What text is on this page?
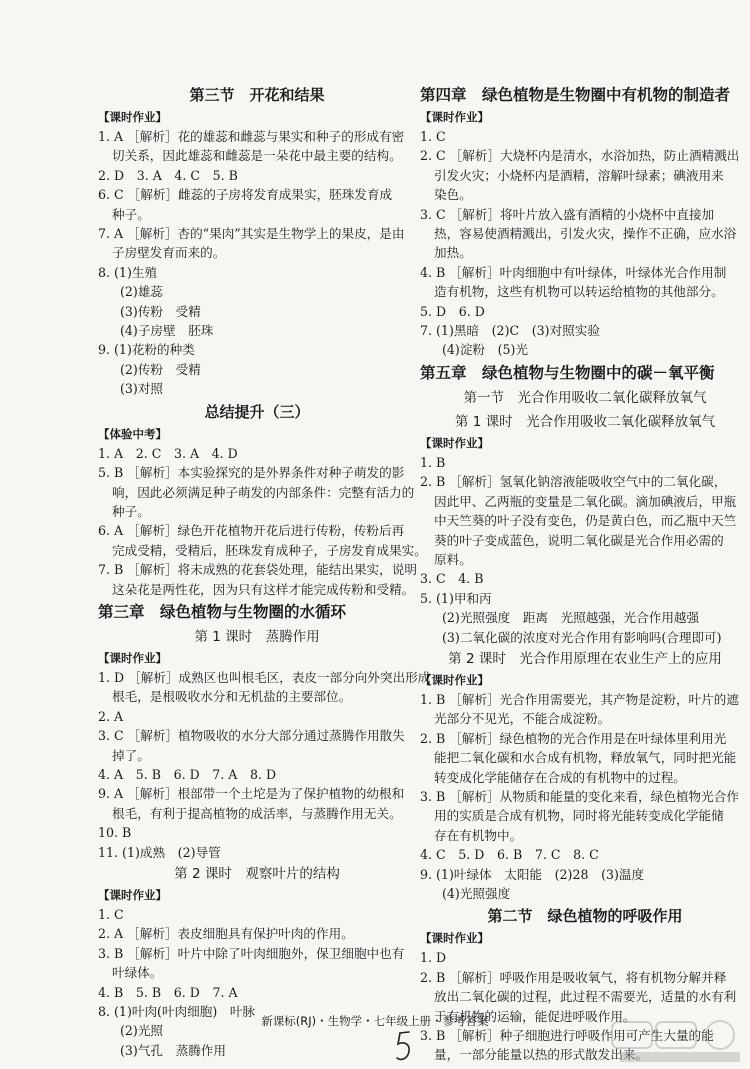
第三节　开花和结果
【课时作业】
1. A ［解析］花的雄蕊和雌蕊与果实和种子的形成有密
切关系，因此雄蕊和雌蕊是一朵花中最主要的结构。
2. D　3. A　4. C　5. B
6. C ［解析］雌蕊的子房将发育成果实，胚珠发育成
种子。
7. A ［解析］杏的“果肉”其实是生物学上的果皮，是由
子房壁发育而来的。
8. (1)生殖
(2)雄蕊
(3)传粉　受精
(4)子房壁　胚珠
9. (1)花粉的种类
(2)传粉　受精
(3)对照
总结提升（三）
【体验中考】
1. A　2. C　3. A　4. D
5. B ［解析］本实验探究的是外界条件对种子萌发的影
响，因此必须满足种子萌发的内部条件：完整有活力的
种子。
6. A ［解析］绿色开花植物开花后进行传粉，传粉后再
完成受精，受精后，胚珠发育成种子，子房发育成果实。
7. B ［解析］将未成熟的花套袋处理，能结出果实，说明
这朵花是两性花，因为只有这样才能完成传粉和受精。
第三章　绿色植物与生物圈的水循环
第 1 课时　蒸腾作用
【课时作业】
1. D ［解析］成熟区也叫根毛区，表皮一部分向外突出形成
根毛，是根吸收水分和无机盐的主要部位。
2. A
3. C ［解析］植物吸收的水分大部分通过蒸腾作用散失
掉了。
4. A　5. B　6. D　7. A　8. D
9. A ［解析］根部带一个土坨是为了保护植物的幼根和
根毛，有利于提高植物的成活率，与蒸腾作用无关。
10. B
11. (1)成熟　(2)导管
第 2 课时　观察叶片的结构
【课时作业】
1. C
2. A ［解析］表皮细胞具有保护叶肉的作用。
3. B ［解析］叶片中除了叶肉细胞外，保卫细胞中也有
叶绿体。
4. B　5. B　6. D　7. A
8. (1)叶肉(叶肉细胞)　叶脉
(2)光照
(3)气孔　蒸腾作用
第四章　绿色植物是生物圈中有机物的制造者
【课时作业】
1. C
2. C ［解析］大烧杯内是清水，水浴加热，防止酒精溅出
引发火灾；小烧杯内是酒精，溶解叶绿素；碘液用来
染色。
3. C ［解析］将叶片放入盛有酒精的小烧杯中直接加
热，容易使酒精溅出，引发火灾，操作不正确，应水浴
加热。
4. B ［解析］叶肉细胞中有叶绿体，叶绿体光合作用制
造有机物，这些有机物可以转运给植物的其他部分。
5. D　6. D
7. (1)黑暗　(2)C　(3)对照实验
(4)淀粉　(5)光
第五章　绿色植物与生物圈中的碳－氧平衡
第一节　光合作用吸收二氧化碳释放氧气
第 1 课时　光合作用吸收二氧化碳释放氧气
【课时作业】
1. B
2. B ［解析］氢氧化钠溶液能吸收空气中的二氧化碳，
因此甲、乙两瓶的变量是二氧化碳。滴加碘液后，甲瓶
中天竺葵的叶子没有变色，仍是黄白色，而乙瓶中天竺
葵的叶子变成蓝色，说明二氧化碳是光合作用必需的
原料。
3. C　4. B
5. (1)甲和丙
(2)光照强度　距离　光照越强，光合作用越强
(3)二氧化碳的浓度对光合作用有影响吗(合理即可)
第 2 课时　光合作用原理在农业生产上的应用
【课时作业】
1. B ［解析］光合作用需要光，其产物是淀粉，叶片的遮
光部分不见光，不能合成淀粉。
2. B ［解析］绿色植物的光合作用是在叶绿体里利用光
能把二氧化碳和水合成有机物，释放氧气，同时把光能
转变成化学能储存在合成的有机物中的过程。
3. B ［解析］从物质和能量的变化来看，绿色植物光合作
用的实质是合成有机物，同时将光能转变成化学能储
存在有机物中。
4. C　5. D　6. B　7. C　8. C
9. (1)叶绿体　太阳能　(2)28　(3)温度
(4)光照强度
第二节　绿色植物的呼吸作用
【课时作业】
1. D
2. B ［解析］呼吸作用是吸收氧气，将有机物分解并释
放出二氧化碳的过程，此过程不需要光，适量的水有利
于有机物的运输，能促进呼吸作用。
3. B ［解析］种子细胞进行呼吸作用可产生大量的能
量，一部分能量以热的形式散发出来。
新课标(RJ)・生物学・七年级上册・参考答案
